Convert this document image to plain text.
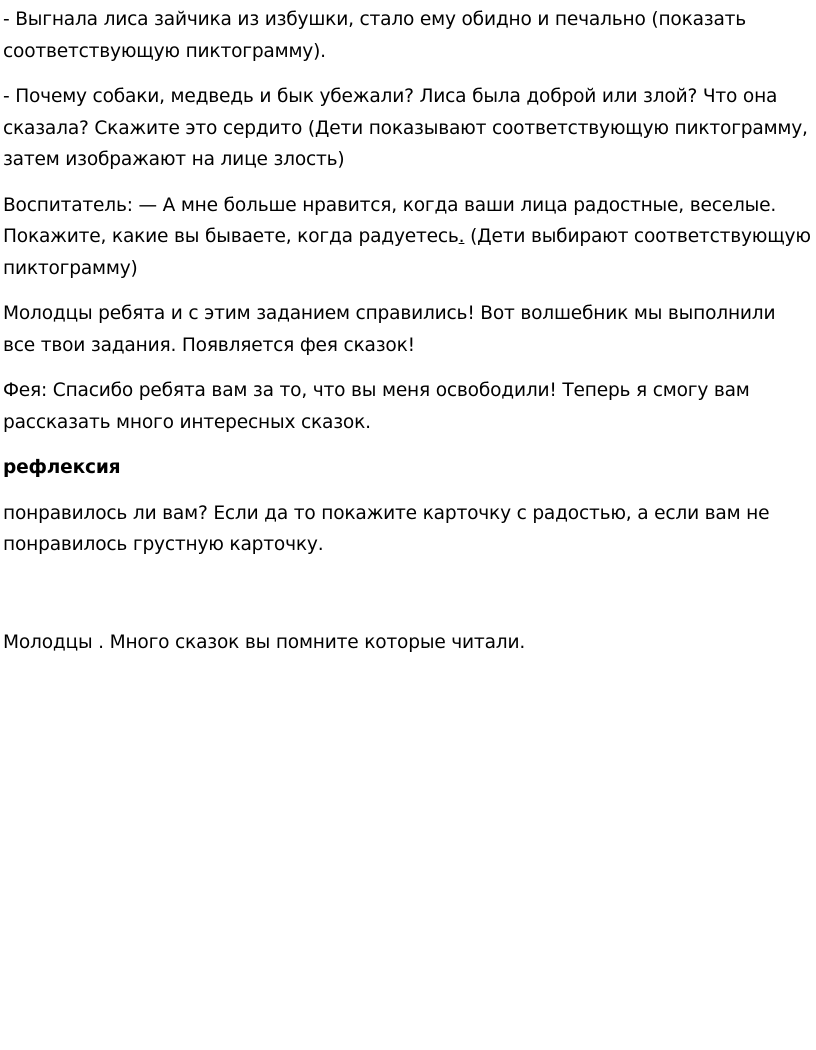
- Выгнала лиса зайчика из избушки, стало ему обидно и печально (показать соответствующую пиктограмму).

- Почему собаки, медведь и бык убежали? Лиса была доброй или злой? Что она сказала? Скажите это сердито (Дети показывают соответствующую пиктограмму, затем изображают на лице злость)

Воспитатель: — А мне больше нравится, когда ваши лица радостные, веселые. Покажите, какие вы бываете, когда радуетесь. (Дети выбирают соответствующую пиктограмму)

Молодцы ребята и с этим заданием справились! Вот волшебник мы выполнили все твои задания. Появляется фея сказок!

Фея: Спасибо ребята вам за то, что вы меня освободили! Теперь я смогу вам рассказать много интересных сказок.

рефлексия

понравилось ли вам? Если да то покажите карточку с радостью, а если вам не понравилось грустную карточку.

Молодцы . Много сказок вы помните которые читали.
